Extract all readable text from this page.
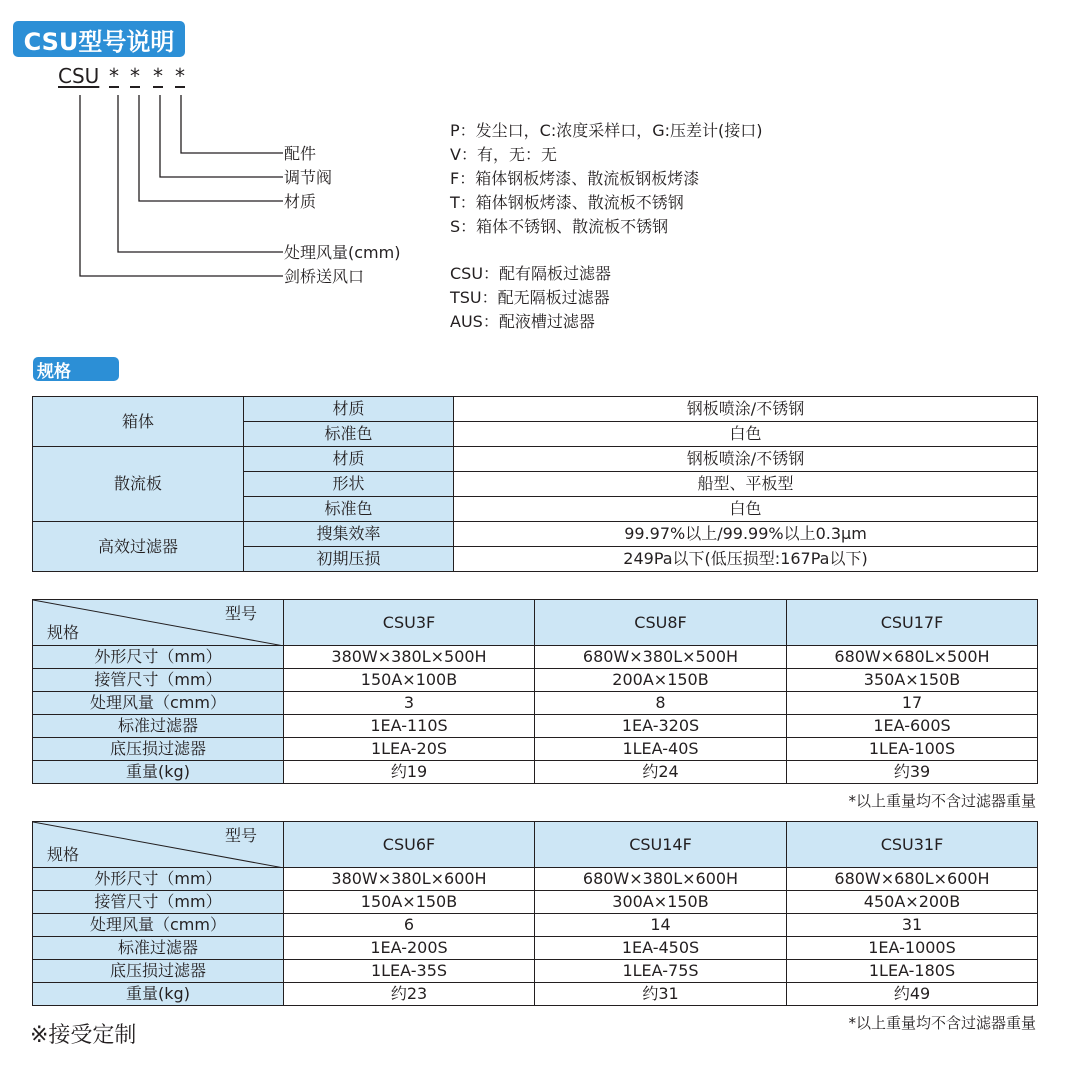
CSU型号说明
CSU * * * *
配件
调节阀
材质
处理风量(cmm)
剑桥送风口
P：发尘口，C:浓度采样口，G:压差计(接口)
V：有，无：无
F：箱体钢板烤漆、散流板钢板烤漆
T：箱体钢板烤漆、散流板不锈钢
S：箱体不锈钢、散流板不锈钢
CSU：配有隔板过滤器
TSU：配无隔板过滤器
AUS：配液槽过滤器
规格
箱体	材质	钢板喷涂/不锈钢
	标准色	白色
散流板	材质	钢板喷涂/不锈钢
	形状	船型、平板型
	标准色	白色
高效过滤器	搜集效率	99.97%以上/99.99%以上0.3μm
	初期压损	249Pa以下(低压损型:167Pa以下)
型号
规格	CSU3F	CSU8F	CSU17F
外形尺寸（mm）	380W×380L×500H	680W×380L×500H	680W×680L×500H
接管尺寸（mm）	150A×100B	200A×150B	350A×150B
处理风量（cmm）	3	8	17
标准过滤器	1EA-110S	1EA-320S	1EA-600S
底压损过滤器	1LEA-20S	1LEA-40S	1LEA-100S
重量(kg)	约19	约24	约39
*以上重量均不含过滤器重量
型号
规格	CSU6F	CSU14F	CSU31F
外形尺寸（mm）	380W×380L×600H	680W×380L×600H	680W×680L×600H
接管尺寸（mm）	150A×150B	300A×150B	450A×200B
处理风量（cmm）	6	14	31
标准过滤器	1EA-200S	1EA-450S	1EA-1000S
底压损过滤器	1LEA-35S	1LEA-75S	1LEA-180S
重量(kg)	约23	约31	约49
*以上重量均不含过滤器重量
※接受定制
